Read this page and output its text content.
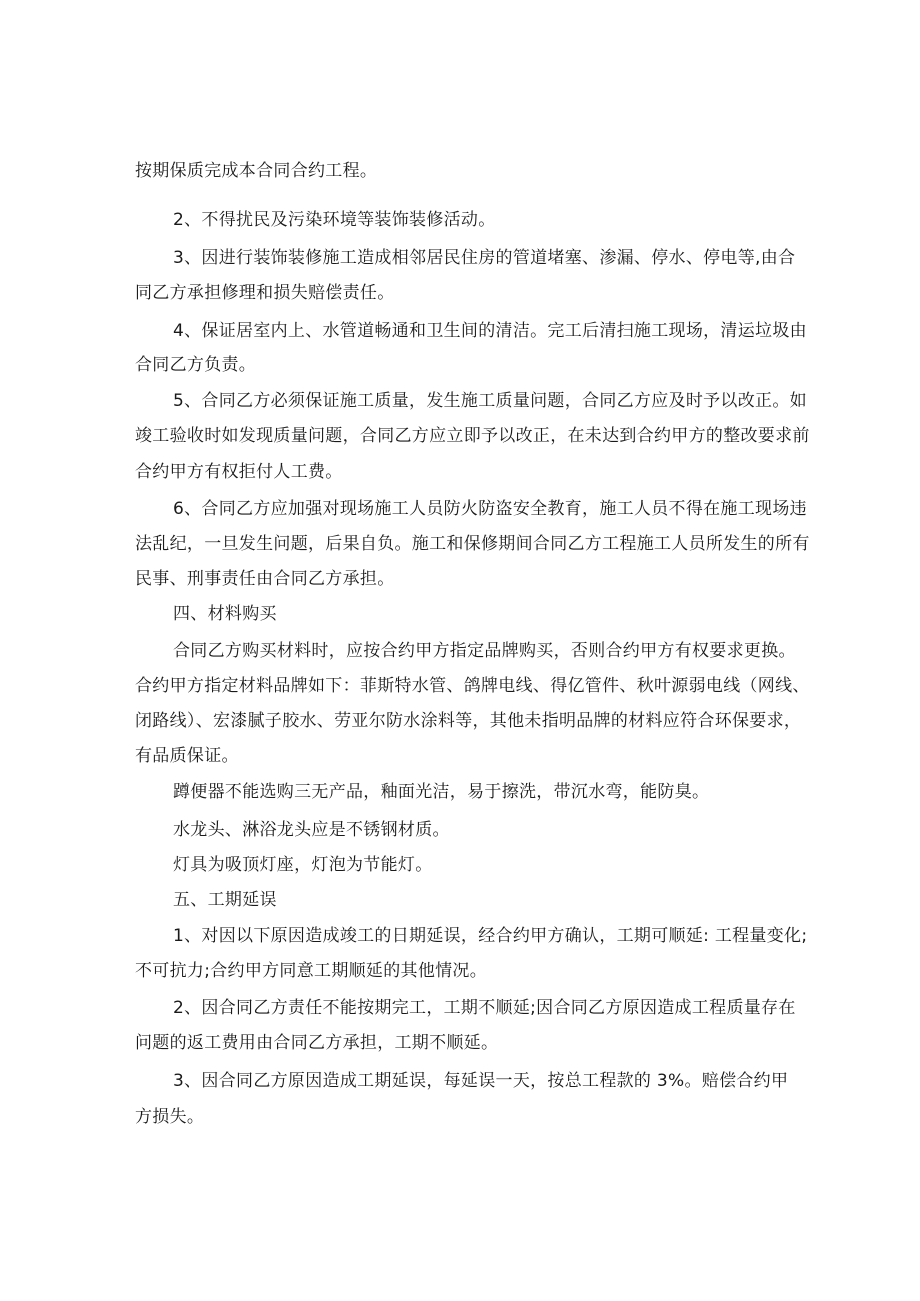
按期保质完成本合同合约工程。
2、不得扰民及污染环境等装饰装修活动。
3、因进行装饰装修施工造成相邻居民住房的管道堵塞、渗漏、停水、停电等,由合
同乙方承担修理和损失赔偿责任。
4、保证居室内上、水管道畅通和卫生间的清洁。完工后清扫施工现场，清运垃圾由
合同乙方负责。
5、合同乙方必须保证施工质量，发生施工质量问题，合同乙方应及时予以改正。如
竣工验收时如发现质量问题，合同乙方应立即予以改正，在未达到合约甲方的整改要求前
合约甲方有权拒付人工费。
6、合同乙方应加强对现场施工人员防火防盗安全教育，施工人员不得在施工现场违
法乱纪，一旦发生问题，后果自负。施工和保修期间合同乙方工程施工人员所发生的所有
民事、刑事责任由合同乙方承担。
四、材料购买
合同乙方购买材料时，应按合约甲方指定品牌购买，否则合约甲方有权要求更换。
合约甲方指定材料品牌如下：菲斯特水管、鸽牌电线、得亿管件、秋叶源弱电线（网线、
闭路线）、宏漆腻子胶水、劳亚尔防水涂料等，其他未指明品牌的材料应符合环保要求，
有品质保证。
蹲便器不能选购三无产品，釉面光洁，易于擦洗，带沉水弯，能防臭。
水龙头、淋浴龙头应是不锈钢材质。
灯具为吸顶灯座，灯泡为节能灯。
五、工期延误
1、对因以下原因造成竣工的日期延误，经合约甲方确认，工期可顺延: 工程量变化;
不可抗力;合约甲方同意工期顺延的其他情况。
2、因合同乙方责任不能按期完工，工期不顺延;因合同乙方原因造成工程质量存在
问题的返工费用由合同乙方承担，工期不顺延。
3、因合同乙方原因造成工期延误，每延误一天，按总工程款的 3%。赔偿合约甲
方损失。
